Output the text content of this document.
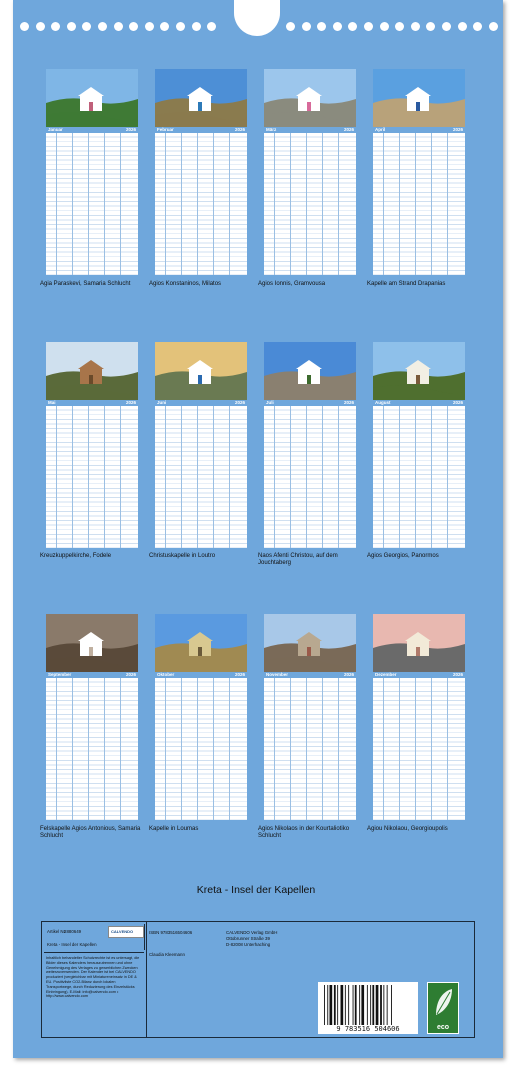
Januar	2026
Agia Paraskevi, Samaria Schlucht
Februar	2026
Agios Konstaninos, Milatos
März	2026
Agios Ionnis, Gramvousa
April	2026
Kapelle am Strand Drapanias
Mai	2026
Kreuzkuppelkirche, Fodele
Juni	2026
Christuskapelle in Loutro
Juli	2026
Naos Afenti Christou, auf dem Jouchtaberg
August	2026
Agios Georgios, Panormos
September	2026
Felskapelle Agios Antonious, Samaria Schlucht
Oktober	2026
Kapelle in Loumas
November	2026
Agios Nikolaos in der Kourtaliotiko Schlucht
Dezember	2026
Agiou Nikolaou, Georgioupolis
Kreta - Insel der Kapellen
Artikel Nr.
2880649	CALVENDO
Kreta - Insel der Kapellen
Inhaltlich behandelter Schutzrechte ist es untersagt, die Bilder dieses Kalenders herauszutrennen und ohne Genehmigung des Verlages zu gewerblichen Zwecken weiterzuverwenden. Der Kalender ist bei CALVENDO produziert (vergleichbar mit Miniatureneinsatz in DE & EU. Positivliste CO2-Bilanz durch lokalen Transportwege, durch Reduzierung des Einzelstücks Einbringung). E-Mail: info@calvendo.com • http://www.calvendo.com
ISBN 9783516504606
Claudia Kleemann
CALVENDO Verlag GmbH
Ottobrunner Straße 39
D-82008 Unterhaching
9 783516 504606	eco
